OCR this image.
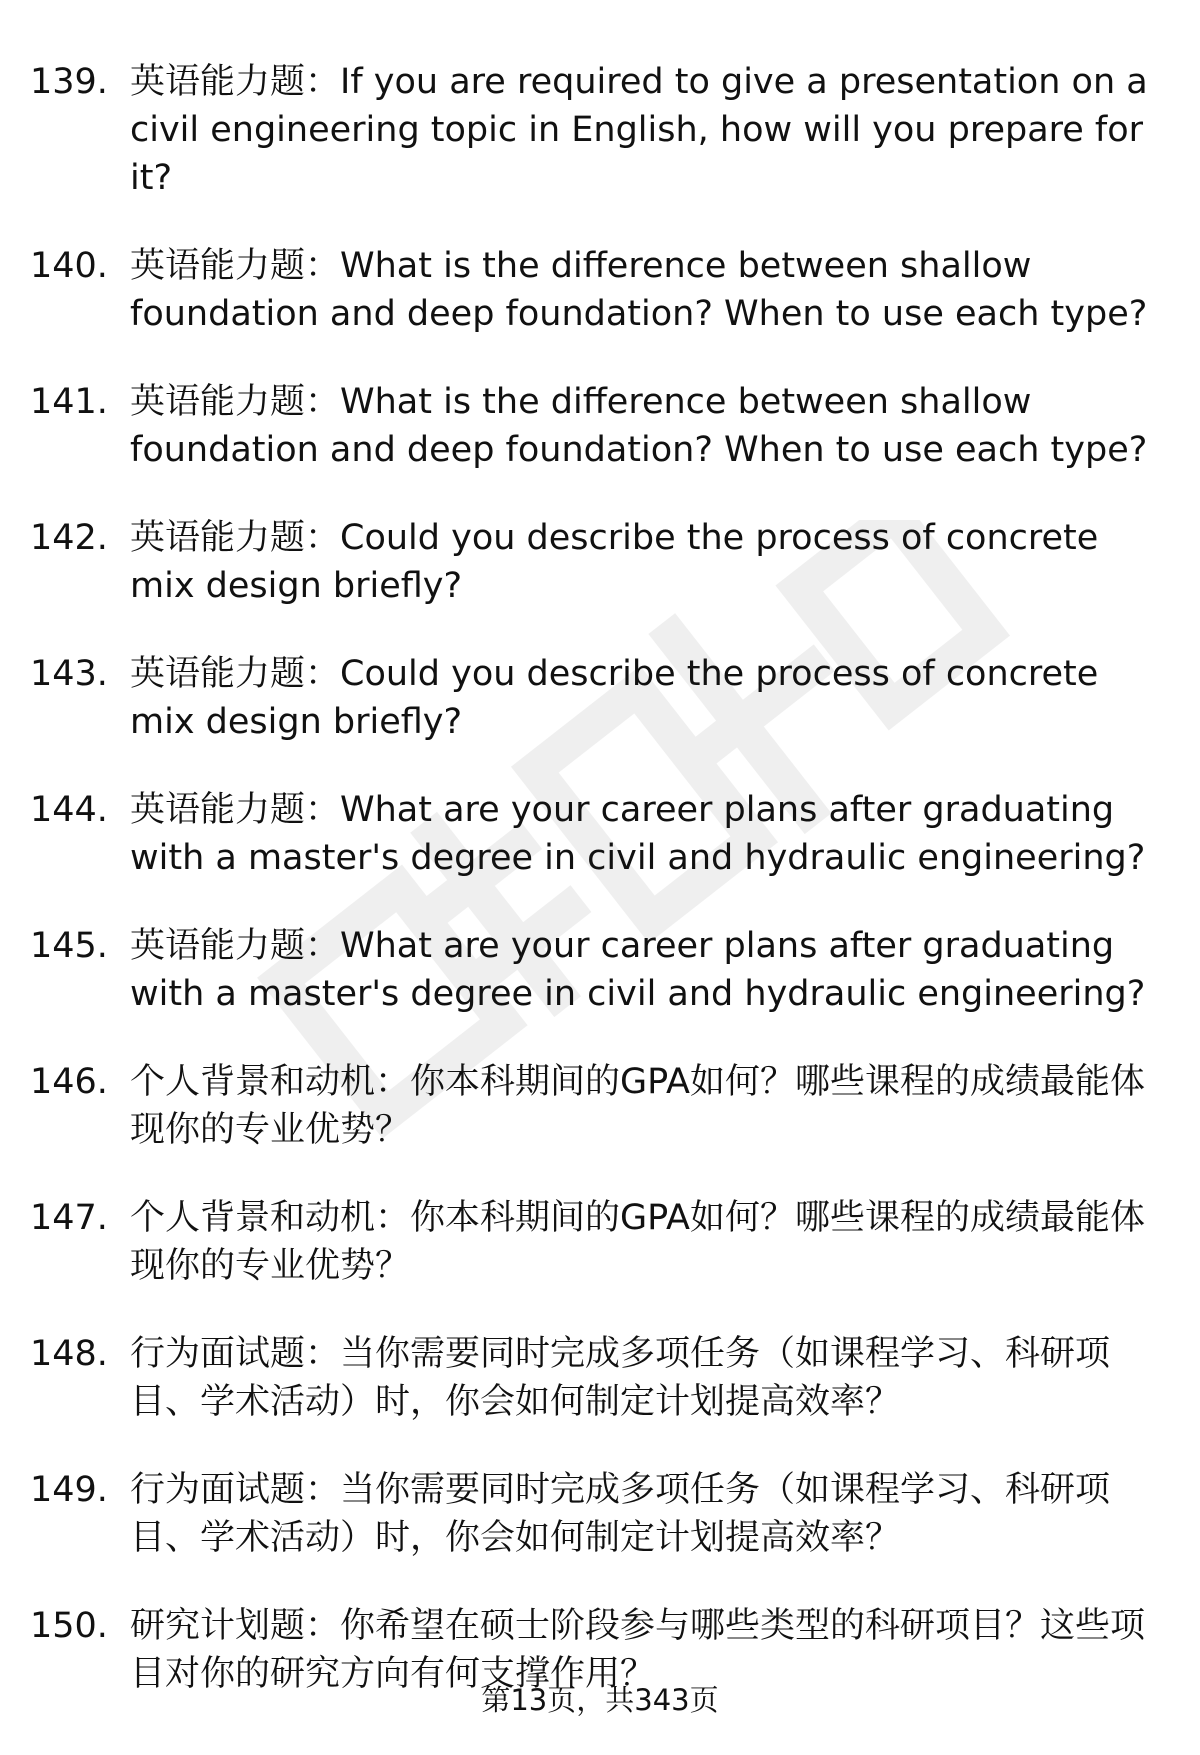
139. 英语能力题：If you are required to give a presentation on a civil engineering topic in English, how will you prepare for it?
140. 英语能力题：What is the difference between shallow foundation and deep foundation? When to use each type?
141. 英语能力题：What is the difference between shallow foundation and deep foundation? When to use each type?
142. 英语能力题：Could you describe the process of concrete mix design briefly?
143. 英语能力题：Could you describe the process of concrete mix design briefly?
144. 英语能力题：What are your career plans after graduating with a master's degree in civil and hydraulic engineering?
145. 英语能力题：What are your career plans after graduating with a master's degree in civil and hydraulic engineering?
146. 个人背景和动机：你本科期间的GPA如何？哪些课程的成绩最能体现你的专业优势？
147. 个人背景和动机：你本科期间的GPA如何？哪些课程的成绩最能体现你的专业优势？
148. 行为面试题：当你需要同时完成多项任务（如课程学习、科研项目、学术活动）时，你会如何制定计划提高效率？
149. 行为面试题：当你需要同时完成多项任务（如课程学习、科研项目、学术活动）时，你会如何制定计划提高效率？
150. 研究计划题：你希望在硕士阶段参与哪些类型的科研项目？这些项目对你的研究方向有何支撑作用？
第13页，共343页
